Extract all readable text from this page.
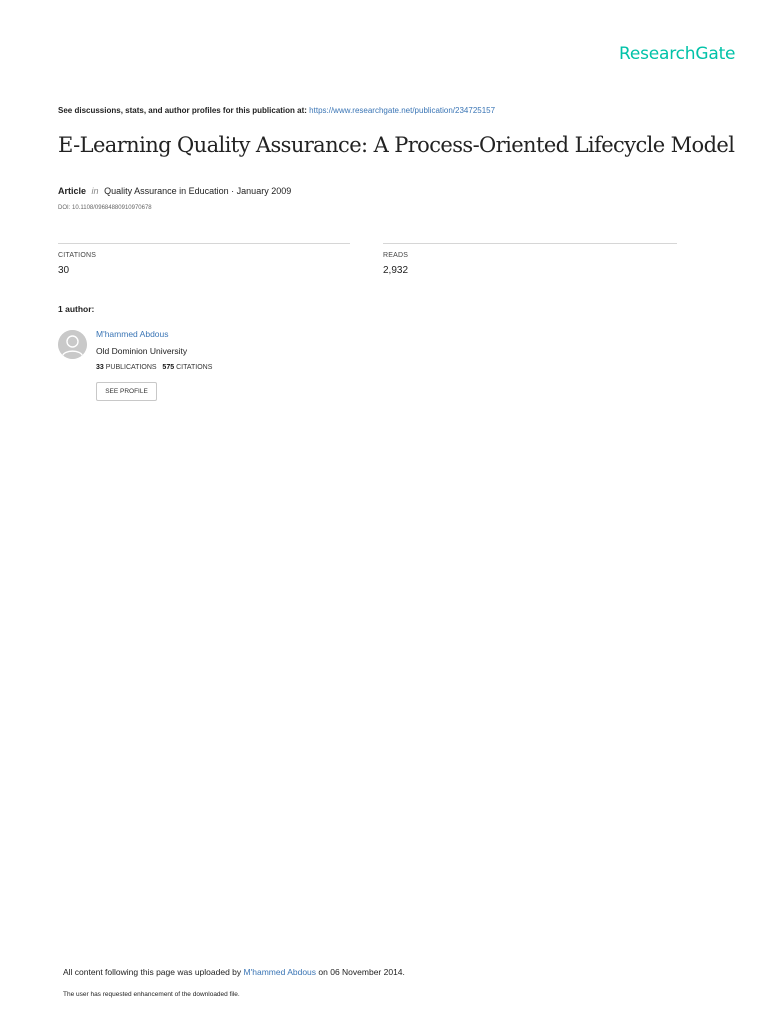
ResearchGate
See discussions, stats, and author profiles for this publication at: https://www.researchgate.net/publication/234725157
E-Learning Quality Assurance: A Process-Oriented Lifecycle Model
Article in Quality Assurance in Education · January 2009
DOI: 10.1108/09684880910970678
CITATIONS
30
READS
2,932
1 author:
M'hammed Abdous
Old Dominion University
33 PUBLICATIONS 575 CITATIONS
SEE PROFILE
All content following this page was uploaded by M'hammed Abdous on 06 November 2014.
The user has requested enhancement of the downloaded file.
